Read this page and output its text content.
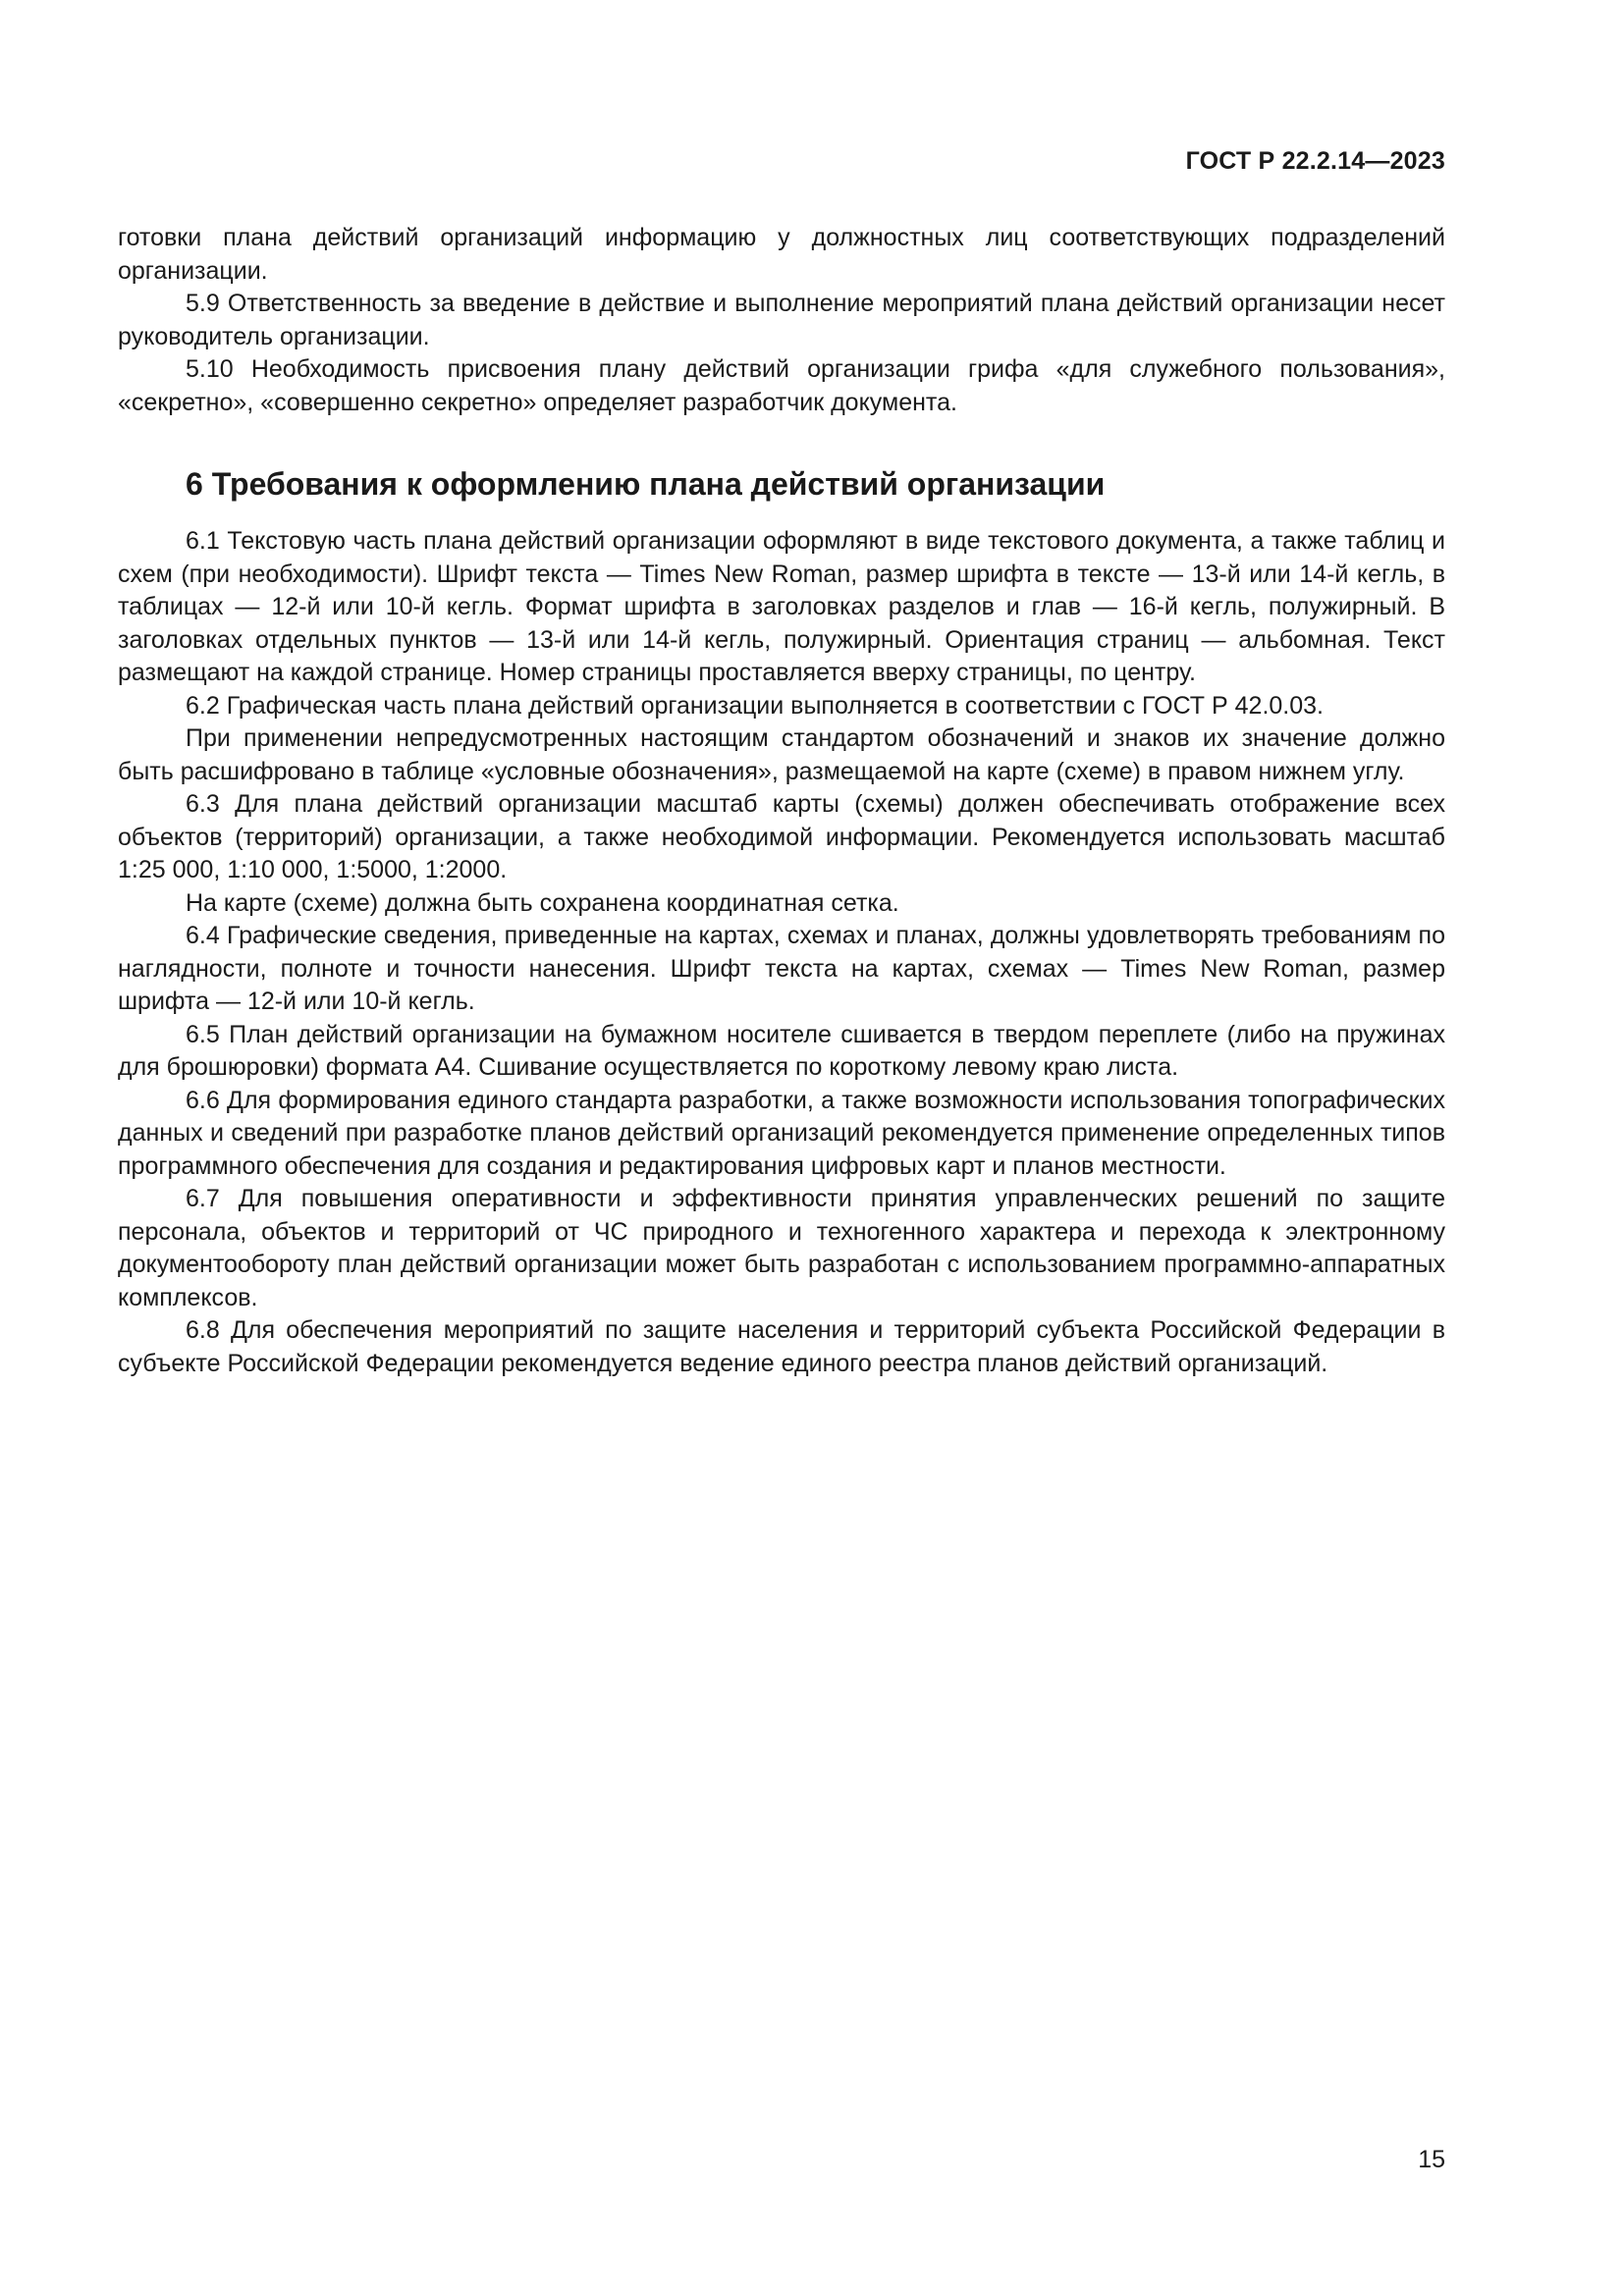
ГОСТ Р 22.2.14—2023

готовки плана действий организаций информацию у должностных лиц соответствующих подразделений организации.

5.9 Ответственность за введение в действие и выполнение мероприятий плана действий организации несет руководитель организации.

5.10 Необходимость присвоения плану действий организации грифа «для служебного пользования», «секретно», «совершенно секретно» определяет разработчик документа.

6 Требования к оформлению плана действий организации

6.1 Текстовую часть плана действий организации оформляют в виде текстового документа, а также таблиц и схем (при необходимости). Шрифт текста — Times New Roman, размер шрифта в тексте — 13-й или 14-й кегль, в таблицах — 12-й или 10-й кегль. Формат шрифта в заголовках разделов и глав — 16-й кегль, полужирный. В заголовках отдельных пунктов — 13-й или 14-й кегль, полужирный. Ориентация страниц — альбомная. Текст размещают на каждой странице. Номер страницы проставляется вверху страницы, по центру.

6.2 Графическая часть плана действий организации выполняется в соответствии с ГОСТ Р 42.0.03.

При применении непредусмотренных настоящим стандартом обозначений и знаков их значение должно быть расшифровано в таблице «условные обозначения», размещаемой на карте (схеме) в правом нижнем углу.

6.3 Для плана действий организации масштаб карты (схемы) должен обеспечивать отображение всех объектов (территорий) организации, а также необходимой информации. Рекомендуется использовать масштаб 1:25 000, 1:10 000, 1:5000, 1:2000.

На карте (схеме) должна быть сохранена координатная сетка.

6.4 Графические сведения, приведенные на картах, схемах и планах, должны удовлетворять требованиям по наглядности, полноте и точности нанесения. Шрифт текста на картах, схемах — Times New Roman, размер шрифта — 12-й или 10-й кегль.

6.5 План действий организации на бумажном носителе сшивается в твердом переплете (либо на пружинах для брошюровки) формата А4. Сшивание осуществляется по короткому левому краю листа.

6.6 Для формирования единого стандарта разработки, а также возможности использования топографических данных и сведений при разработке планов действий организаций рекомендуется применение определенных типов программного обеспечения для создания и редактирования цифровых карт и планов местности.

6.7 Для повышения оперативности и эффективности принятия управленческих решений по защите персонала, объектов и территорий от ЧС природного и техногенного характера и перехода к электронному документообороту план действий организации может быть разработан с использованием программно-аппаратных комплексов.

6.8 Для обеспечения мероприятий по защите населения и территорий субъекта Российской Федерации в субъекте Российской Федерации рекомендуется ведение единого реестра планов действий организаций.

15
